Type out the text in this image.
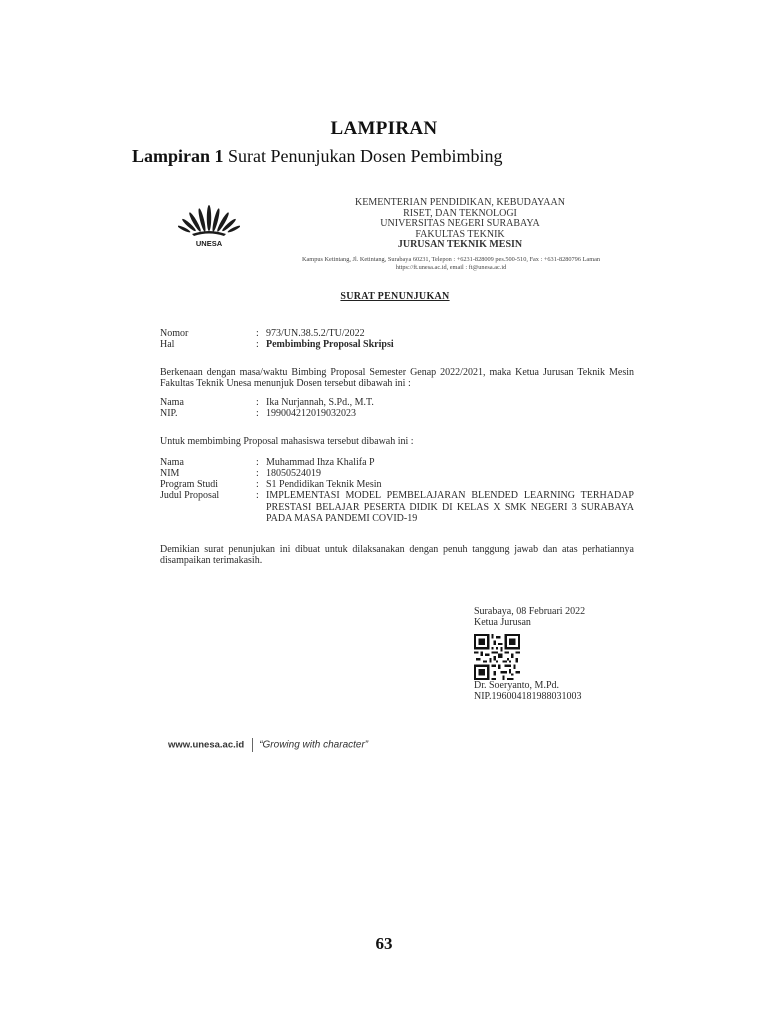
LAMPIRAN
Lampiran 1 Surat Penunjukan Dosen Pembimbing
UNESA
KEMENTERIAN PENDIDIKAN, KEBUDAYAAN
RISET, DAN TEKNOLOGI
UNIVERSITAS NEGERI SURABAYA
FAKULTAS TEKNIK
JURUSAN TEKNIK MESIN
Kampus Ketintang, Jl. Ketintang, Surabaya 60231, Telepon : +6231-828009 pes.500-510, Fax : +631-8280796 Laman
https://ft.unesa.ac.id, email : ft@unesa.ac.id
SURAT PENUNJUKAN
Nomor	: 973/UN.38.5.2/TU/2022
Hal	: Pembimbing Proposal Skripsi
Berkenaan dengan masa/waktu Bimbing Proposal Semester Genap 2022/2021, maka Ketua Jurusan Teknik Mesin Fakultas Teknik Unesa menunjuk Dosen tersebut dibawah ini :
Nama	: Ika Nurjannah, S.Pd., M.T.
NIP.	: 199004212019032023
Untuk membimbing Proposal mahasiswa tersebut dibawah ini :
Nama	: Muhammad Ihza Khalifa P
NIM	: 18050524019
Program Studi	: S1 Pendidikan Teknik Mesin
Judul Proposal	: IMPLEMENTASI MODEL PEMBELAJARAN BLENDED LEARNING TERHADAP PRESTASI BELAJAR PESERTA DIDIK DI KELAS X SMK NEGERI 3 SURABAYA PADA MASA PANDEMI COVID-19
Demikian surat penunjukan ini dibuat untuk dilaksanakan dengan penuh tanggung jawab dan atas perhatiannya disampaikan terimakasih.
Surabaya, 08 Februari 2022
Ketua Jurusan
Dr. Soeryanto, M.Pd.
NIP.196004181988031003
www.unesa.ac.id “Growing with character”
63
